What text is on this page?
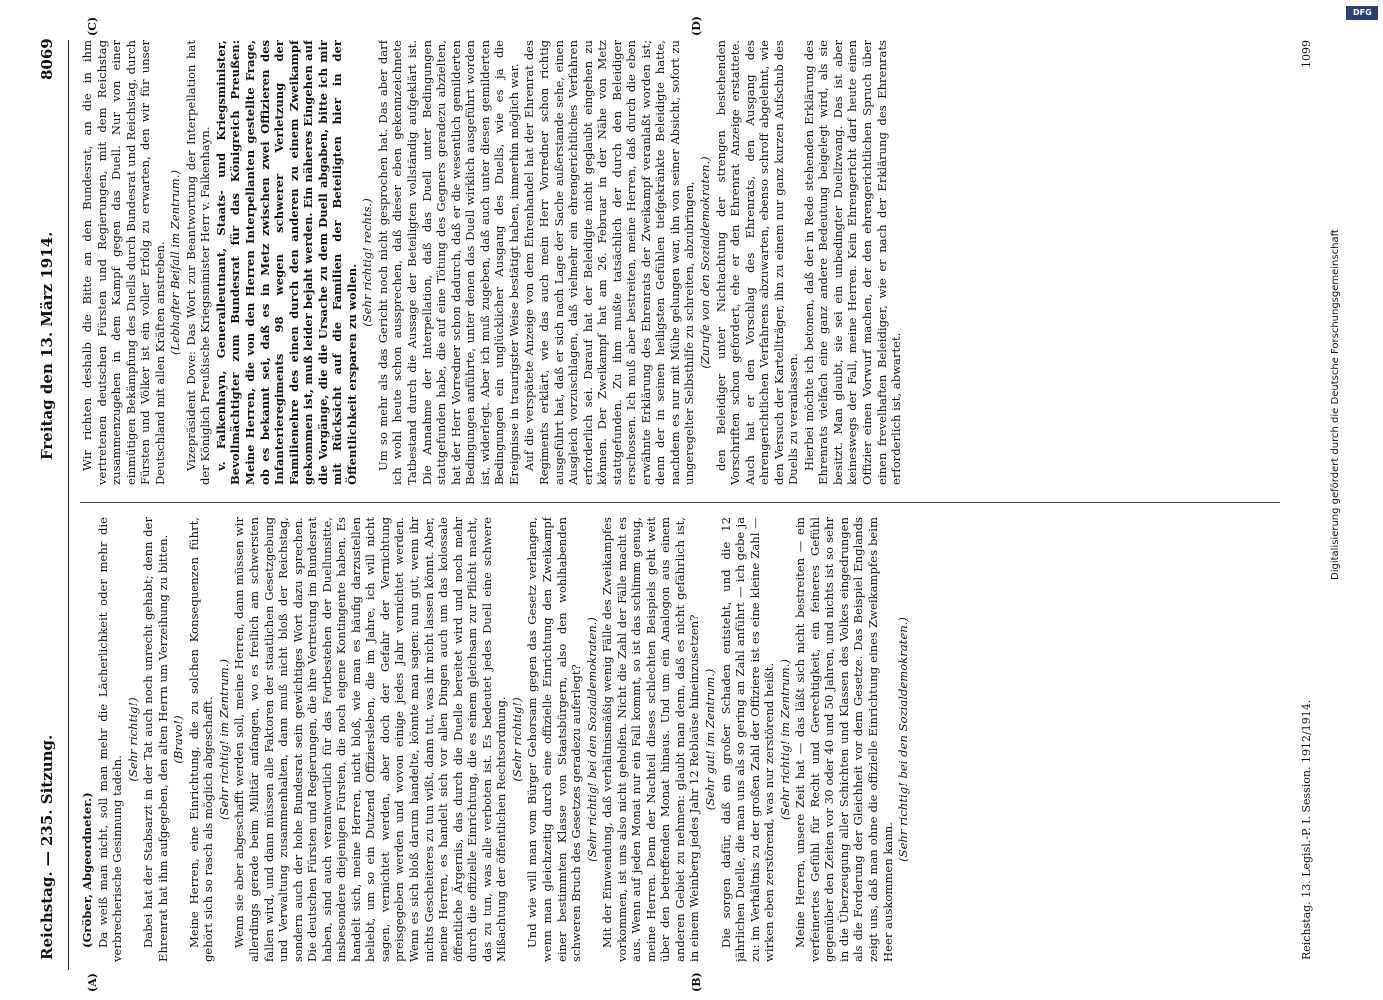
Reichstag. — 235. Sitzung.
Freitag den 13. März 1914.
8069
(A)	(B)
(C)	(D)

(Gröber, Abgeordneter.) Da weiß man nicht, soll man mehr die Lächerlichkeit oder mehr die verbrecherische Gesinnung tadeln.

(Sehr richtig!) Dabei hat der Stabsarzt in der Tat auch noch unrecht gehabt; denn der Ehrenrat hat ihm aufgegeben, den alten Herrn um Verzeihung zu bitten. (Bravo!) Meine Herren, eine Einrichtung, die zu solchen Konsequenzen führt, gehört sich so rasch als möglich abgeschafft. (Sehr richtig! im Zentrum.) Wenn sie aber abgeschafft werden soll, meine Herren, dann müssen wir allerdings gerade beim Militär anfangen, wo es freilich am schwersten fallen wird, und dann müssen alle Faktoren der staatlichen Gesetzgebung und Verwaltung zusammenhalten, dann muß nicht bloß der Reichstag, sondern auch der hohe Bundesrat sein gewichtiges Wort dazu sprechen. Die deutschen Fürsten und Regierungen, die ihre Vertretung im Bundesrat haben, sind auch verantwortlich für das Fortbestehen der Duellunsitte, insbesondere diejenigen Fürsten, die noch eigene Kontingente haben. Es handelt sich, meine Herren, nicht bloß, wie man es häufig darzustellen beliebt, um so ein Dutzend Offiziersleben, die im Jahre, ich will nicht sagen, vernichtet werden, aber doch der Gefahr der Vernichtung preisgegeben werden und wovon einige jedes Jahr vernichtet werden. Wenn es sich bloß darum handelte, könnte man sagen: nun gut, wenn ihr nichts Gescheiteres zu tun wißt, dann tut, was ihr nicht lassen könnt. Aber, meine Herren, es handelt sich vor allen Dingen auch um das kolossale öffentliche Ärgernis, das durch die Duelle bereitet wird und noch mehr durch die offizielle Einrichtung, die es einem gleichsam zur Pflicht macht, das zu tun, was alle verboten ist. Es bedeutet jedes Duell eine schwere Mißachtung der öffentlichen Rechtsordnung. (Sehr richtig!) Und wie will man vom Bürger Gehorsam gegen das Gesetz verlangen, wenn man gleichzeitig durch eine offizielle Einrichtung den Zweikampf einer bestimmten Klasse von Staatsbürgern, also den wohlhabenden schweren Bruch des Gesetzes geradezu auferlegt? (Sehr richtig! bei den Sozialdemokraten.) Mit der Einwendung, daß verhältnismäßig wenig Fälle des Zweikampfes vorkommen, ist uns also nicht geholfen. Nicht die Zahl der Fälle macht es aus. Wenn auf jeden Monat nur ein Fall kommt, so ist das schlimm genug, meine Herren. Denn der Nachteil dieses schlechten Beispiels geht weit über den betreffenden Monat hinaus. Und um ein Analogon aus einem anderen Gebiet zu nehmen: glaubt man denn, daß es nicht gefährlich ist, in einem Weinberg jedes Jahr 12 Reblaüse hineinzusetzen? (Sehr gut! im Zentrum.) Die sorgen dafür, daß ein großer Schaden entsteht, und die 12 jährlichen Duelle, die man uns als so gering an Zahl anführt — ich gebe ja zu: im Verhältnis zu der großen Zahl der Offiziere ist es eine kleine Zahl — wirken eben zerstörend, was nur zerstörend heißt. (Sehr richtig! im Zentrum.) Meine Herren, unsere Zeit hat — das läßt sich nicht bestreiten — ein verfeinertes Gefühl für Recht und Gerechtigkeit, ein feineres Gefühl gegenüber den Zeiten vor 30 oder 40 und 50 Jahren, und nichts ist so sehr in die Überzeugung aller Schichten und Klassen des Volkes eingedrungen als die Forderung der Gleichheit vor dem Gesetze. Das Beispiel Englands zeigt uns, daß man ohne die offizielle Einrichtung eines Zweikampfes beim Heer auskommen kann.

(Sehr richtig! bei den Sozialdemokraten.)

Wir richten deshalb die Bitte an den Bundesrat, an die in ihm vertretenen deutschen Fürsten und Regierungen, mit dem Reichstag zusammenzugehen in dem Kampf gegen das Duell. Nur von einer einmütigen Bekämpfung des Duells durch Bundesrat und Reichstag, durch Fürsten und Völker ist ein voller Erfolg zu erwarten, den wir für unser Deutschland mit allen Kräften anstreben. (Lebhafter Beifall im Zentrum.) Vizepräsident Dove: Das Wort zur Beantwortung der Interpellation hat der Königlich Preußische Kriegsminister Herr v. Falkenhayn. v. Falkenhayn, Generalleutnant, Staats- und Kriegsminister, Bevollmächtigter zum Bundesrat für das Königreich Preußen: Meine Herren, die von den Herren Interpellanten gestellte Frage, ob es bekannt sei, daß es in Metz zwischen zwei Offizieren des Infanterieregiments 98 wegen schwerer Verletzung der Familienehre des einen durch den anderen zu einem Zweikampf gekommen ist, muß leider bejaht werden. Ein näheres Eingehen auf die Vorgänge, die die Ursache zu dem Duell abgaben, bitte ich mir mit Rücksicht auf die Familien der Beteiligten hier in der Öffentlichkeit ersparen zu wollen.

(Sehr richtig! rechts.) Um so mehr als das Gericht noch nicht gesprochen hat. Das aber darf ich wohl heute schon aussprechen, daß dieser eben gekennzeichnete Tatbestand durch die Aussage der Beteiligten vollständig aufgeklärt ist. Die Annahme der Interpellation, daß das Duell unter Bedingungen stattgefunden habe, die auf eine Tötung des Gegners geradezu abzielten, hat der Herr Vorredner schon dadurch, daß er die wesentlich gemilderten Bedingungen anführte, unter denen das Duell wirklich ausgeführt worden ist, widerlegt. Aber ich muß zugeben, daß auch unter diesen gemilderten Bedingungen ein unglücklicher Ausgang des Duells, wie es ja die Ereignisse in traurigster Weise bestätigt haben, immerhin möglich war. Auf die verspätete Anzeige von dem Ehrenhandel hat der Ehrenrat des Regiments erklärt, wie das auch mein Herr Vorredner schon richtig ausgeführt hat, daß er sich nach Lage der Sache außerstande sehe, einen Ausgleich vorzuschlagen, daß vielmehr ein ehrengerichtliches Verfahren erforderlich sei. Darauf hat der Beleidigte nicht geglaubt eingehen zu können. Der Zweikampf hat am 26. Februar in der Nähe von Metz stattgefunden. Zu ihm mußte tatsächlich der durch den Beleidiger erschossen. Ich muß aber bestreiten, meine Herren, daß durch die eben erwähnte Erklärung des Ehrenrats der Zweikampf veranlaßt worden ist; denn der in seinen heiligsten Gefühlen tiefgekränkte Beleidigte hatte, nachdem es nur mit Mühe gelungen war, ihn von seiner Absicht, sofort zu ungeregelter Selbsthilfe zu schreiten, abzubringen, (Zurufe von den Sozialdemokraten.) den Beleidiger unter Nichtachtung der strengen bestehenden Vorschriften schon gefordert, ehe er den Ehrenrat Anzeige erstattete. Auch hat er den Vorschlag des Ehrenrats, den Ausgang des ehrengerichtlichen Verfahrens abzuwarten, ebenso schroff abgelehnt, wie den Versuch der Kartellträger, ihn zu einem nur ganz kurzen Aufschub des Duells zu veranlassen. Hierbei möchte ich betonen, daß der in Rede stehenden Erklärung des Ehrenrats vielfach eine ganz andere Bedeutung beigelegt wird, als sie besitzt. Man glaubt, sie sei ein unbedingter Duellzwang. Das ist aber keineswegs der Fall, meine Herren. Kein Ehrengericht darf heute einen Offizier einen Vorwurf machen, der den ehrengerichtlichen Spruch über einen frevelhaften Beleidiger, wie er nach der Erklärung des Ehrenrats erforderlich ist, abwartet.

Reichstag. 13. Legisl.-P. I. Session. 1912/1914.
1099
Digitalisierung gefördert durch die Deutsche Forschungsgemeinschaft
DFG
